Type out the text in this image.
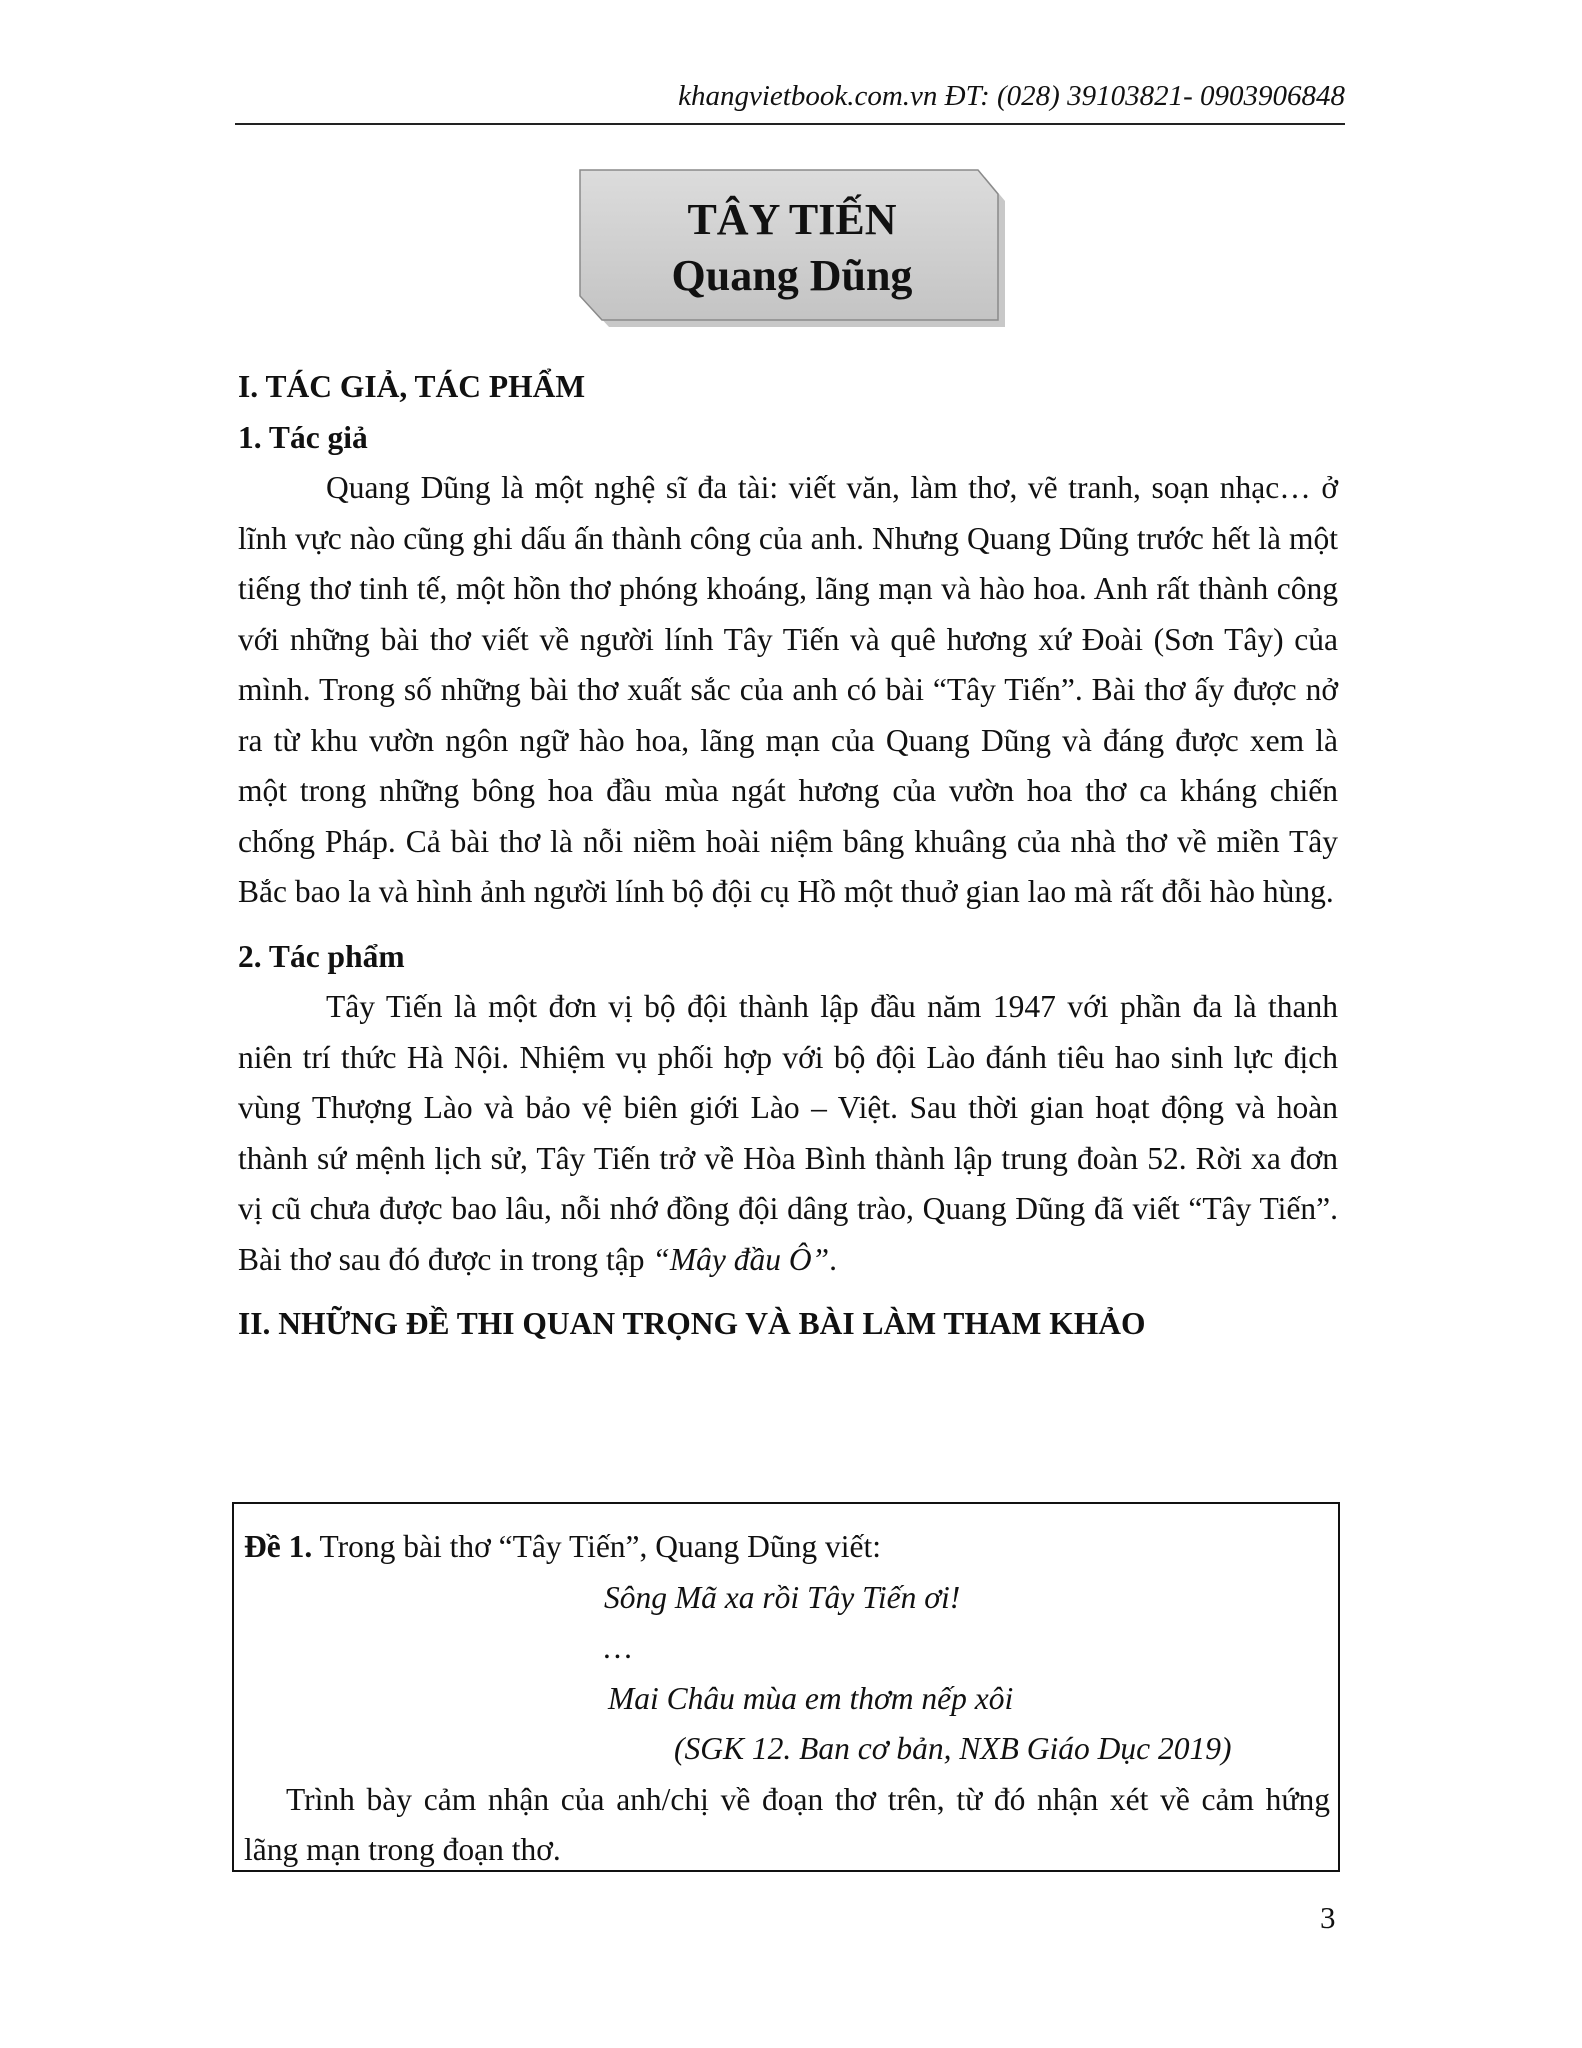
khangvietbook.com.vn ĐT: (028) 39103821- 0903906848
TÂY TIẾN
Quang Dũng

I. TÁC GIẢ, TÁC PHẨM

1. Tác giả

Quang Dũng là một nghệ sĩ đa tài: viết văn, làm thơ, vẽ tranh, soạn nhạc… ở lĩnh vực nào cũng ghi dấu ấn thành công của anh. Nhưng Quang Dũng trước hết là một tiếng thơ tinh tế, một hồn thơ phóng khoáng, lãng mạn và hào hoa. Anh rất thành công với những bài thơ viết về người lính Tây Tiến và quê hương xứ Đoài (Sơn Tây) của mình. Trong số những bài thơ xuất sắc của anh có bài “Tây Tiến”. Bài thơ ấy được nở ra từ khu vườn ngôn ngữ hào hoa, lãng mạn của Quang Dũng và đáng được xem là một trong những bông hoa đầu mùa ngát hương của vườn hoa thơ ca kháng chiến chống Pháp. Cả bài thơ là nỗi niềm hoài niệm bâng khuâng của nhà thơ về miền Tây Bắc bao la và hình ảnh người lính bộ đội cụ Hồ một thuở gian lao mà rất đỗi hào hùng.

2. Tác phẩm

Tây Tiến là một đơn vị bộ đội thành lập đầu năm 1947 với phần đa là thanh niên trí thức Hà Nội. Nhiệm vụ phối hợp với bộ đội Lào đánh tiêu hao sinh lực địch vùng Thượng Lào và bảo vệ biên giới Lào – Việt. Sau thời gian hoạt động và hoàn thành sứ mệnh lịch sử, Tây Tiến trở về Hòa Bình thành lập trung đoàn 52. Rời xa đơn vị cũ chưa được bao lâu, nỗi nhớ đồng đội dâng trào, Quang Dũng đã viết “Tây Tiến”. Bài thơ sau đó được in trong tập “Mây đầu Ô”.

II. NHỮNG ĐỀ THI QUAN TRỌNG VÀ BÀI LÀM THAM KHẢO

Đề 1. Trong bài thơ “Tây Tiến”, Quang Dũng viết:

Sông Mã xa rồi Tây Tiến ơi!

…

Mai Châu mùa em thơm nếp xôi

(SGK 12. Ban cơ bản, NXB Giáo Dục 2019)

Trình bày cảm nhận của anh/chị về đoạn thơ trên, từ đó nhận xét về cảm hứng lãng mạn trong đoạn thơ.

3
